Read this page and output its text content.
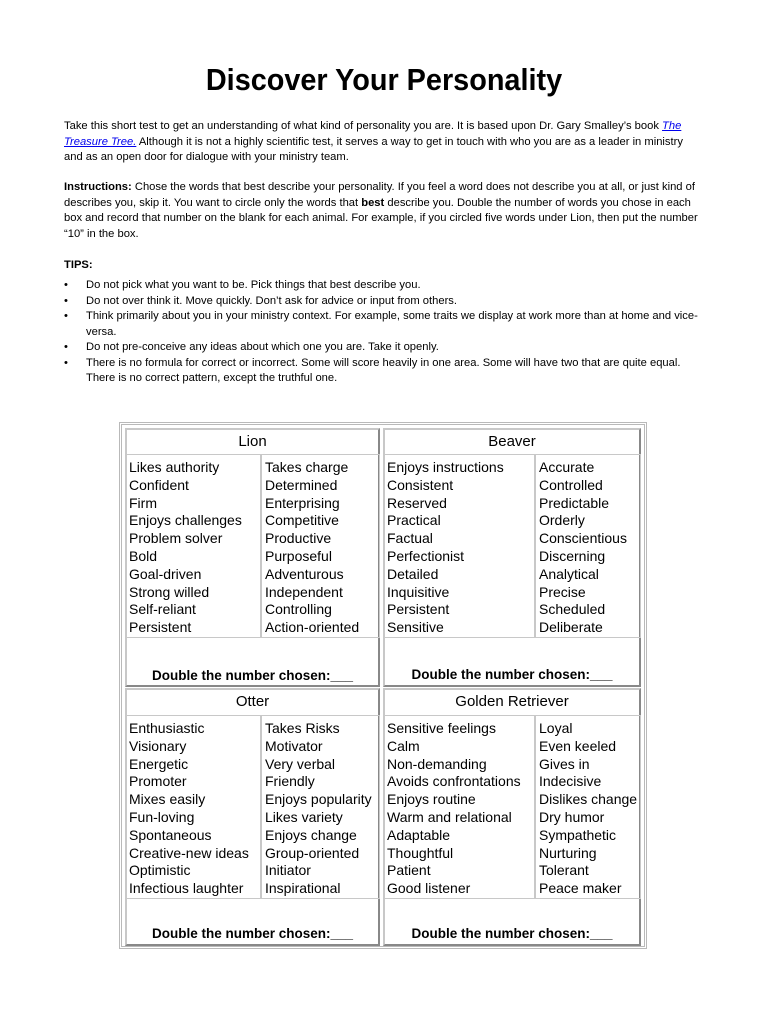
Discover Your Personality

Take this short test to get an understanding of what kind of personality you are. It is based upon Dr. Gary Smalley’s book The Treasure Tree. Although it is not a highly scientific test, it serves a way to get in touch with who you are as a leader in ministry and as an open door for dialogue with your ministry team.

Instructions: Chose the words that best describe your personality. If you feel a word does not describe you at all, or just kind of describes you, skip it. You want to circle only the words that best describe you. Double the number of words you chose in each box and record that number on the blank for each animal. For example, if you circled five words under Lion, then put the number “10” in the box.

TIPS:

• Do not pick what you want to be. Pick things that best describe you.
• Do not over think it. Move quickly. Don’t ask for advice or input from others.
• Think primarily about you in your ministry context. For example, some traits we display at work more than at home and vice-versa.
• Do not pre-conceive any ideas about which one you are. Take it openly.
• There is no formula for correct or incorrect. Some will score heavily in one area. Some will have two that are quite equal. There is no correct pattern, except the truthful one.
Lion
Likes authority
Confident
Firm
Enjoys challenges
Problem solver
Bold
Goal-driven
Strong willed
Self-reliant
Persistent
Takes charge
Determined
Enterprising
Competitive
Productive
Purposeful
Adventurous
Independent
Controlling
Action-oriented
Double the number chosen:___
Beaver
Enjoys instructions
Consistent
Reserved
Practical
Factual
Perfectionist
Detailed
Inquisitive
Persistent
Sensitive
Accurate
Controlled
Predictable
Orderly
Conscientious
Discerning
Analytical
Precise
Scheduled
Deliberate
Double the number chosen:___
Otter
Enthusiastic
Visionary
Energetic
Promoter
Mixes easily
Fun-loving
Spontaneous
Creative-new ideas
Optimistic
Infectious laughter
Takes Risks
Motivator
Very verbal
Friendly
Enjoys popularity
Likes variety
Enjoys change
Group-oriented
Initiator
Inspirational
Double the number chosen:___
Golden Retriever
Sensitive feelings
Calm
Non-demanding
Avoids confrontations
Enjoys routine
Warm and relational
Adaptable
Thoughtful
Patient
Good listener
Loyal
Even keeled
Gives in
Indecisive
Dislikes change
Dry humor
Sympathetic
Nurturing
Tolerant
Peace maker
Double the number chosen:___
